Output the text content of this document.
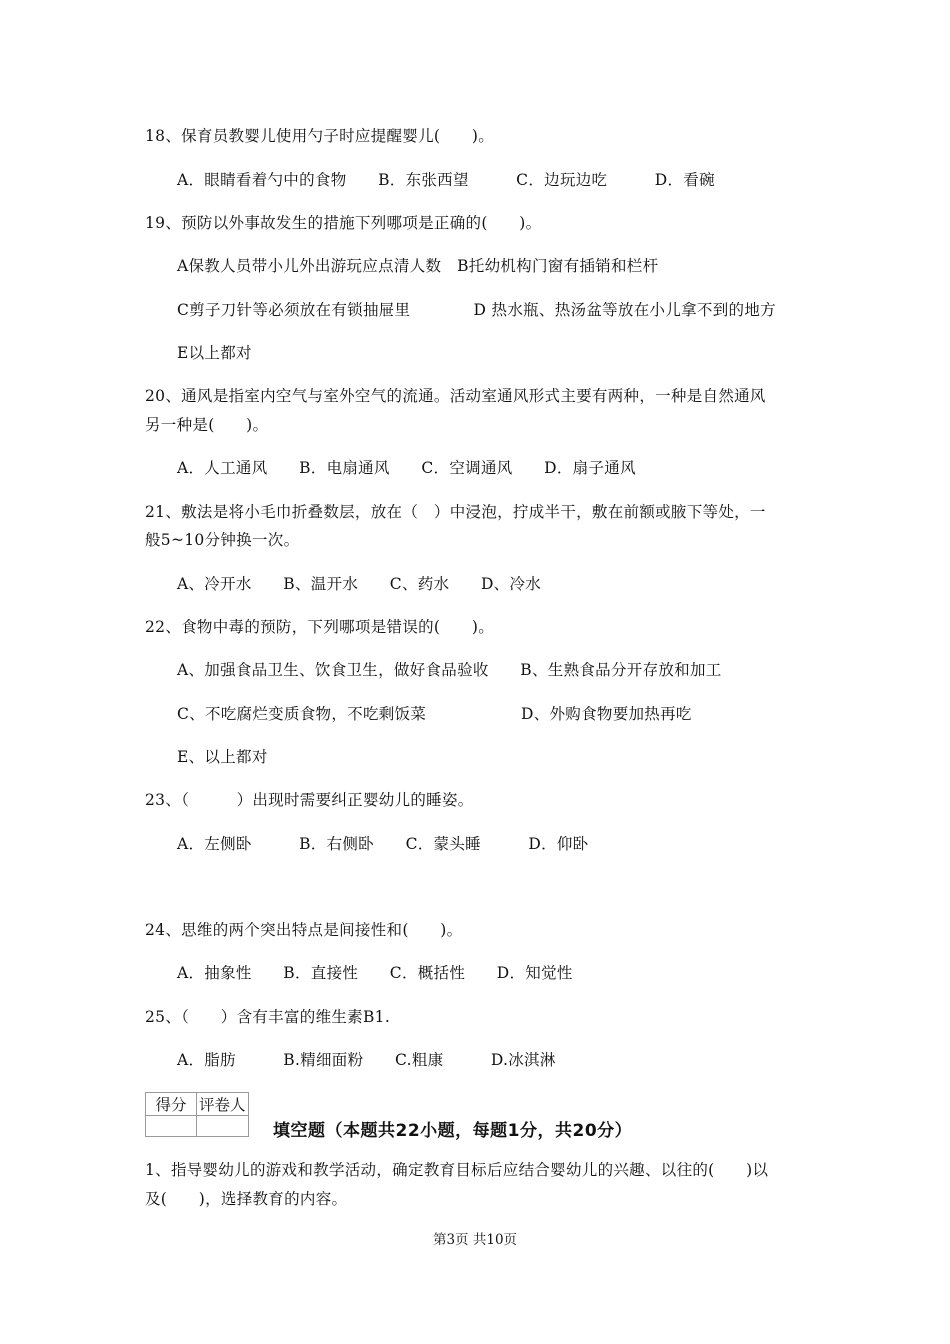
18、保育员教婴儿使用勺子时应提醒婴儿(　　)。
A．眼睛看着勺中的食物　　B．东张西望　　　C．边玩边吃　　　D．看碗
19、预防以外事故发生的措施下列哪项是正确的(　　)。
A保教人员带小儿外出游玩应点清人数　B托幼机构门窗有插销和栏杆
C剪子刀针等必须放在有锁抽屉里　　　　D 热水瓶、热汤盆等放在小儿拿不到的地方
E以上都对
20、通风是指室内空气与室外空气的流通。活动室通风形式主要有两种，一种是自然通风
另一种是(　　)。
A．人工通风　　B．电扇通风　　C．空调通风　　D．扇子通风
21、敷法是将小毛巾折叠数层，放在（　）中浸泡，拧成半干，敷在前额或腋下等处，一
般5~10分钟换一次。
A、冷开水　　B、温开水　　C、药水　　D、冷水
22、食物中毒的预防，下列哪项是错误的(　　)。
A、加强食品卫生、饮食卫生，做好食品验收　　B、生熟食品分开存放和加工
C、不吃腐烂变质食物，不吃剩饭菜　　　　　　D、外购食物要加热再吃
E、以上都对
23、（　　　）出现时需要纠正婴幼儿的睡姿。
A．左侧卧　　　B．右侧卧　　C．蒙头睡　　　D．仰卧
24、思维的两个突出特点是间接性和(　　)。
A．抽象性　　B．直接性　　C．概括性　　D．知觉性
25、（　　）含有丰富的维生素B1.
A．脂肪　　　B.精细面粉　　C.粗康　　　D.冰淇淋
得分	评卷人

填空题（本题共22小题，每题1分，共20分）
1、指导婴幼儿的游戏和教学活动，确定教育目标后应结合婴幼儿的兴趣、以往的(　　)以
及(　　)，选择教育的内容。
第3页 共10页
